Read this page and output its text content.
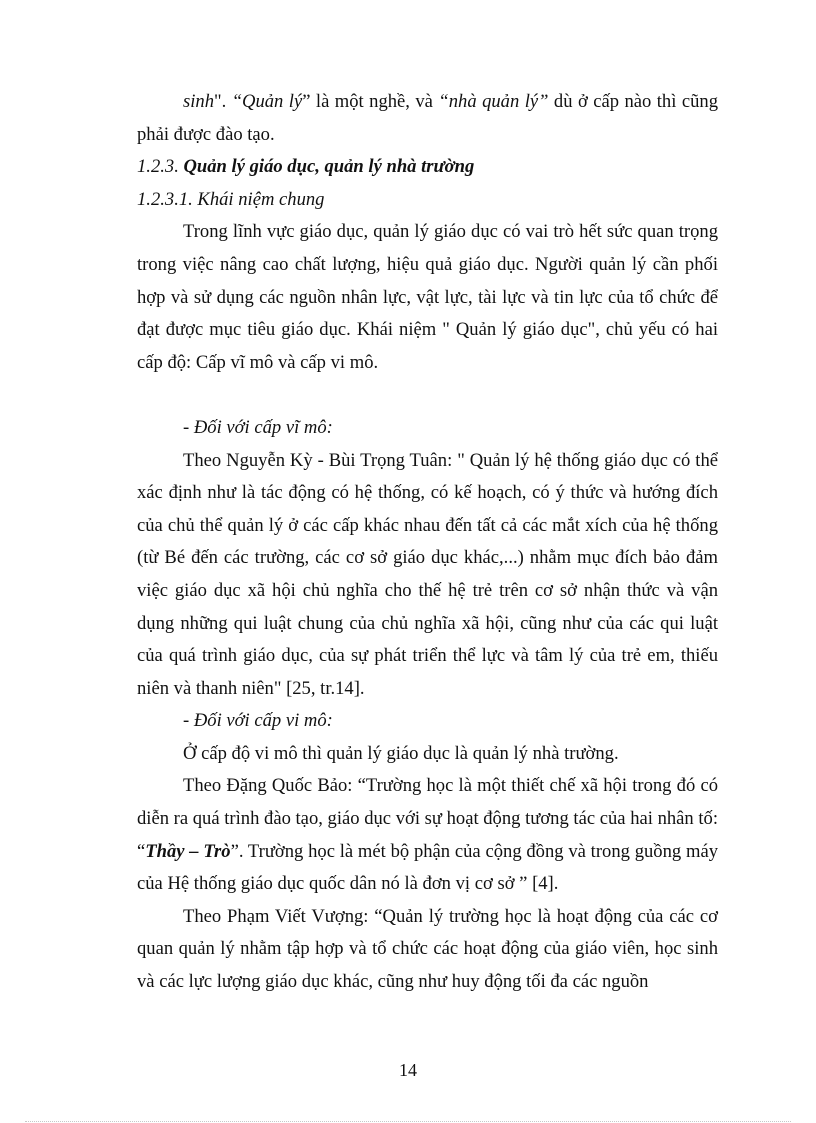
sinh". “Quản lý” là một nghề, và “nhà quản lý” dù ở cấp nào thì cũng phải được đào tạo.

1.2.3. Quản lý giáo dục, quản lý nhà trường

1.2.3.1. Khái niệm chung

Trong lĩnh vực giáo dục, quản lý giáo dục có vai trò hết sức quan trọng trong việc nâng cao chất lượng, hiệu quả giáo dục. Người quản lý cần phối hợp và sử dụng các nguồn nhân lực, vật lực, tài lực và tin lực của tổ chức để đạt được mục tiêu giáo dục. Khái niệm " Quản lý giáo dục", chủ yếu có hai cấp độ: Cấp vĩ mô và cấp vi mô.

- Đối với cấp vĩ mô:

Theo Nguyễn Kỳ - Bùi Trọng Tuân: " Quản lý hệ thống giáo dục có thể xác định như là tác động có hệ thống, có kế hoạch, có ý thức và hướng đích của chủ thể quản lý ở các cấp khác nhau đến tất cả các mắt xích của hệ thống (từ Bé đến các trường, các cơ sở giáo dục khác,...) nhằm mục đích bảo đảm việc giáo dục xã hội chủ nghĩa cho thế hệ trẻ trên cơ sở nhận thức và vận dụng những qui luật chung của chủ nghĩa xã hội, cũng như của các qui luật của quá trình giáo dục, của sự phát triển thể lực và tâm lý của trẻ em, thiếu niên và thanh niên" [25, tr.14].

- Đối với cấp vi mô:

Ở cấp độ vi mô thì quản lý giáo dục là quản lý nhà trường.

Theo Đặng Quốc Bảo: “Trường học là một thiết chế xã hội trong đó có diễn ra quá trình đào tạo, giáo dục với sự hoạt động tương tác của hai nhân tố: “Thầy – Trò”. Trường học là mét bộ phận của cộng đồng và trong guồng máy của Hệ thống giáo dục quốc dân nó là đơn vị cơ sở ” [4].

Theo Phạm Viết Vượng: “Quản lý trường học là hoạt động của các cơ quan quản lý nhằm tập hợp và tổ chức các hoạt động của giáo viên, học sinh và các lực lượng giáo dục khác, cũng như huy động tối đa các nguồn

14
